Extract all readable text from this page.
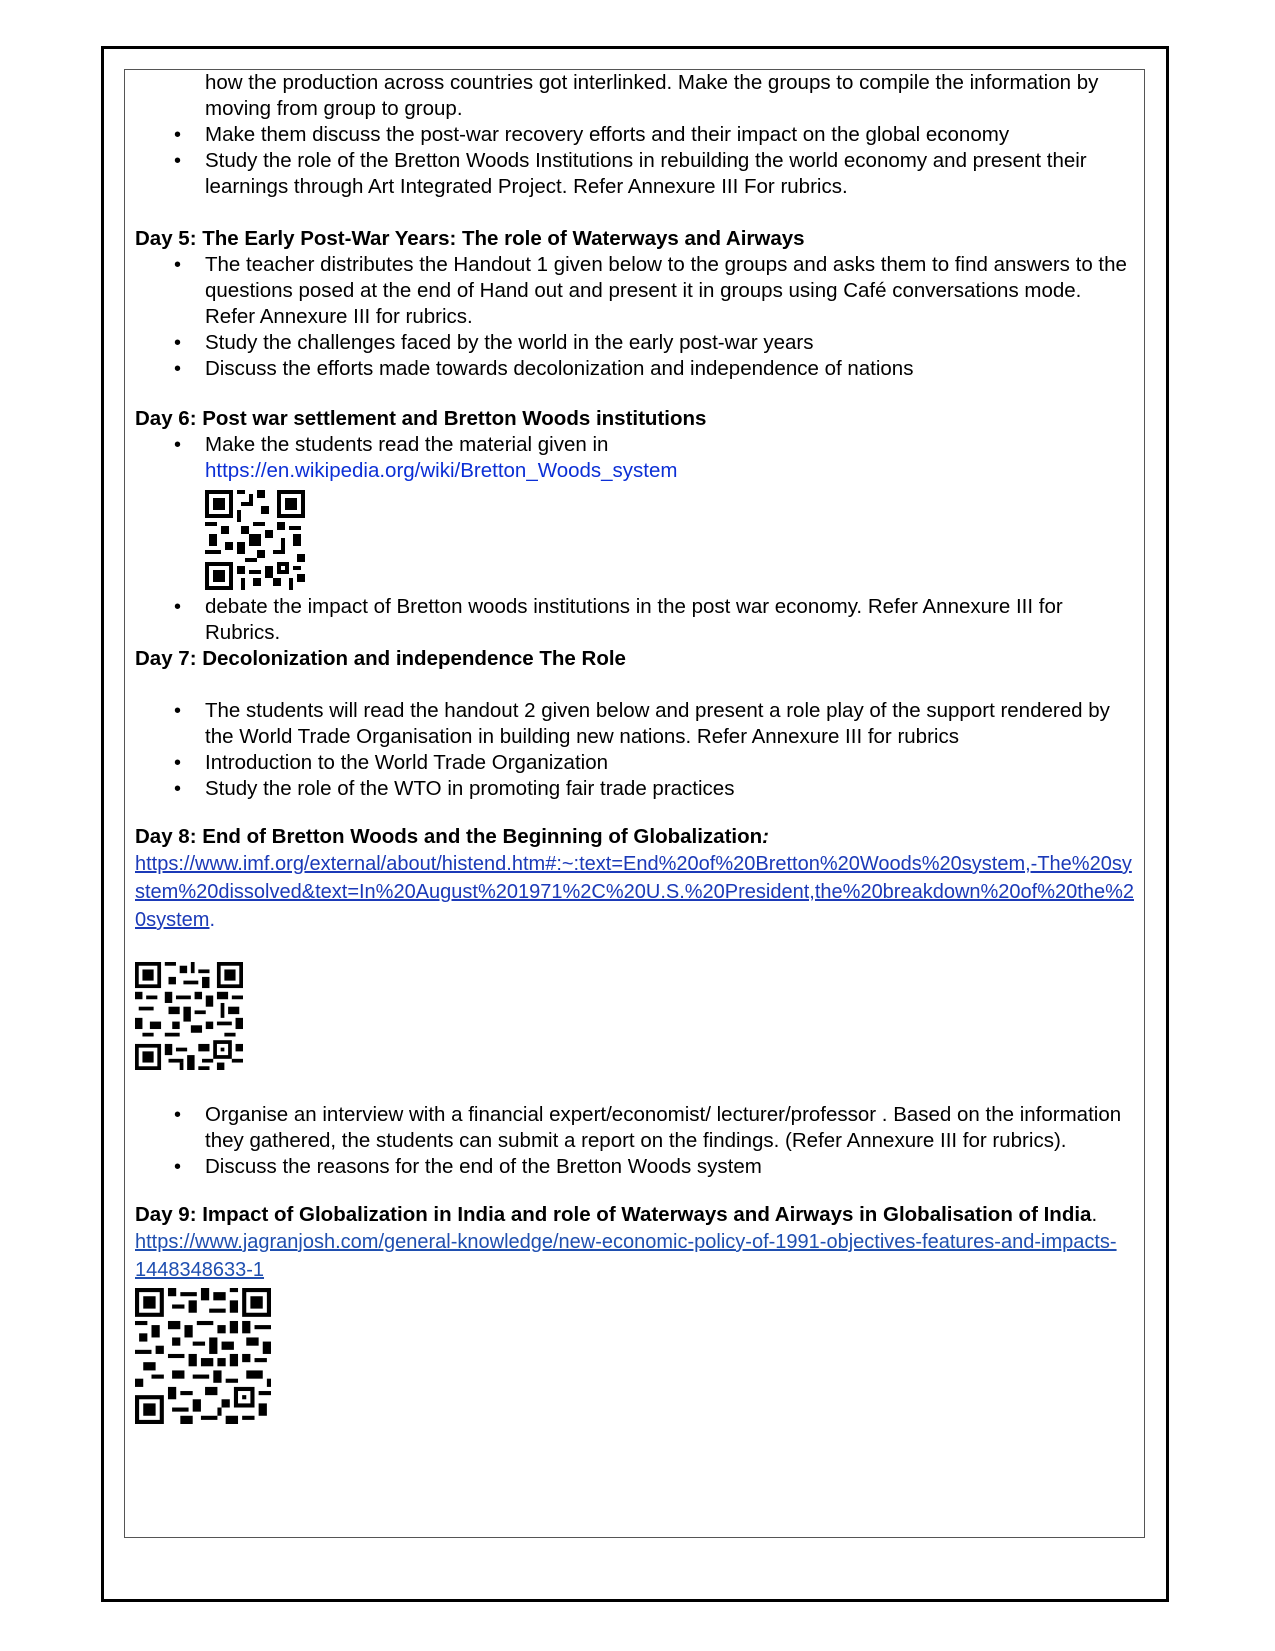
how the production across countries got interlinked. Make the groups to compile the information by moving from group to group.
• Make them discuss the post-war recovery efforts and their impact on the global economy
• Study the role of the Bretton Woods Institutions in rebuilding the world economy and present their learnings through Art Integrated Project. Refer Annexure III For rubrics.

Day 5: The Early Post-War Years: The role of Waterways and Airways

• The teacher distributes the Handout 1 given below to the groups and asks them to find answers to the questions posed at the end of Hand out and present it in groups using Café conversations mode. Refer Annexure III for rubrics.
• Study the challenges faced by the world in the early post-war years
• Discuss the efforts made towards decolonization and independence of nations

Day 6: Post war settlement and Bretton Woods institutions

• Make the students read the material given in
https://en.wikipedia.org/wiki/Bretton_Woods_system
• debate the impact of Bretton woods institutions in the post war economy. Refer Annexure III for Rubrics.

Day 7: Decolonization and independence The Role

• The students will read the handout 2 given below and present a role play of the support rendered by the World Trade Organisation in building new nations. Refer Annexure III for rubrics
• Introduction to the World Trade Organization
• Study the role of the WTO in promoting fair trade practices

Day 8: End of Bretton Woods and the Beginning of Globalization:

https://www.imf.org/external/about/histend.htm#:~:text=End%20of%20Bretton%20Woods%20system,-The%20system%20dissolved&text=In%20August%201971%2C%20U.S.%20President,the%20breakdown%20of%20the%20system.
• Organise an interview with a financial expert/economist/ lecturer/professor . Based on the information they gathered, the students can submit a report on the findings. (Refer Annexure III for rubrics).
• Discuss the reasons for the end of the Bretton Woods system

Day 9: Impact of Globalization in India and role of Waterways and Airways in Globalisation of India.

https://www.jagranjosh.com/general-knowledge/new-economic-policy-of-1991-objectives-features-and-impacts-1448348633-1
